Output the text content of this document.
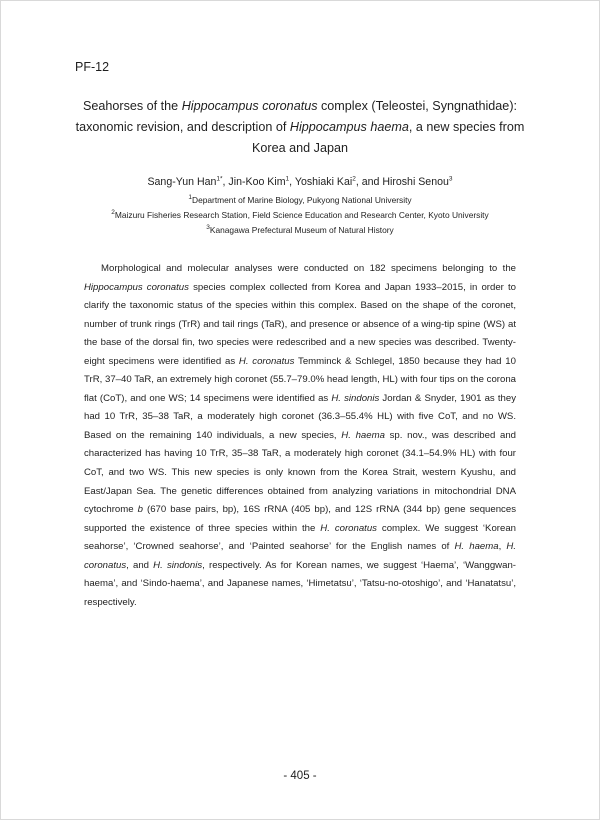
PF-12
Seahorses of the Hippocampus coronatus complex (Teleostei, Syngnathidae): taxonomic revision, and description of Hippocampus haema, a new species from Korea and Japan
Sang-Yun Han$^{1*}$, Jin-Koo Kim$^1$, Yoshiaki Kai$^2$, and Hiroshi Senou$^3$
$^1$Department of Marine Biology, Pukyong National University
$^2$Maizuru Fisheries Research Station, Field Science Education and Research Center, Kyoto University
$^3$Kanagawa Prefectural Museum of Natural History
Morphological and molecular analyses were conducted on 182 specimens belonging to the Hippocampus coronatus species complex collected from Korea and Japan 1933–2015, in order to clarify the taxonomic status of the species within this complex. Based on the shape of the coronet, number of trunk rings (TrR) and tail rings (TaR), and presence or absence of a wing-tip spine (WS) at the base of the dorsal fin, two species were redescribed and a new species was described. Twenty-eight specimens were identified as H. coronatus Temminck & Schlegel, 1850 because they had 10 TrR, 37–40 TaR, an extremely high coronet (55.7–79.0% head length, HL) with four tips on the corona flat (CoT), and one WS; 14 specimens were identified as H. sindonis Jordan & Snyder, 1901 as they had 10 TrR, 35–38 TaR, a moderately high coronet (36.3–55.4% HL) with five CoT, and no WS. Based on the remaining 140 individuals, a new species, H. haema sp. nov., was described and characterized has having 10 TrR, 35–38 TaR, a moderately high coronet (34.1–54.9% HL) with four CoT, and two WS. This new species is only known from the Korea Strait, western Kyushu, and East/Japan Sea. The genetic differences obtained from analyzing variations in mitochondrial DNA cytochrome b (670 base pairs, bp), 16S rRNA (405 bp), and 12S rRNA (344 bp) gene sequences supported the existence of three species within the H. coronatus complex. We suggest ‘Korean seahorse’, ‘Crowned seahorse’, and ‘Painted seahorse’ for the English names of H. haema, H. coronatus, and H. sindonis, respectively. As for Korean names, we suggest ‘Haema’, ‘Wanggwan-haema’, and ‘Sindo-haema’, and Japanese names, ‘Himetatsu’, ‘Tatsu-no-otoshigo’, and ‘Hanatatsu’, respectively.
- 405 -
